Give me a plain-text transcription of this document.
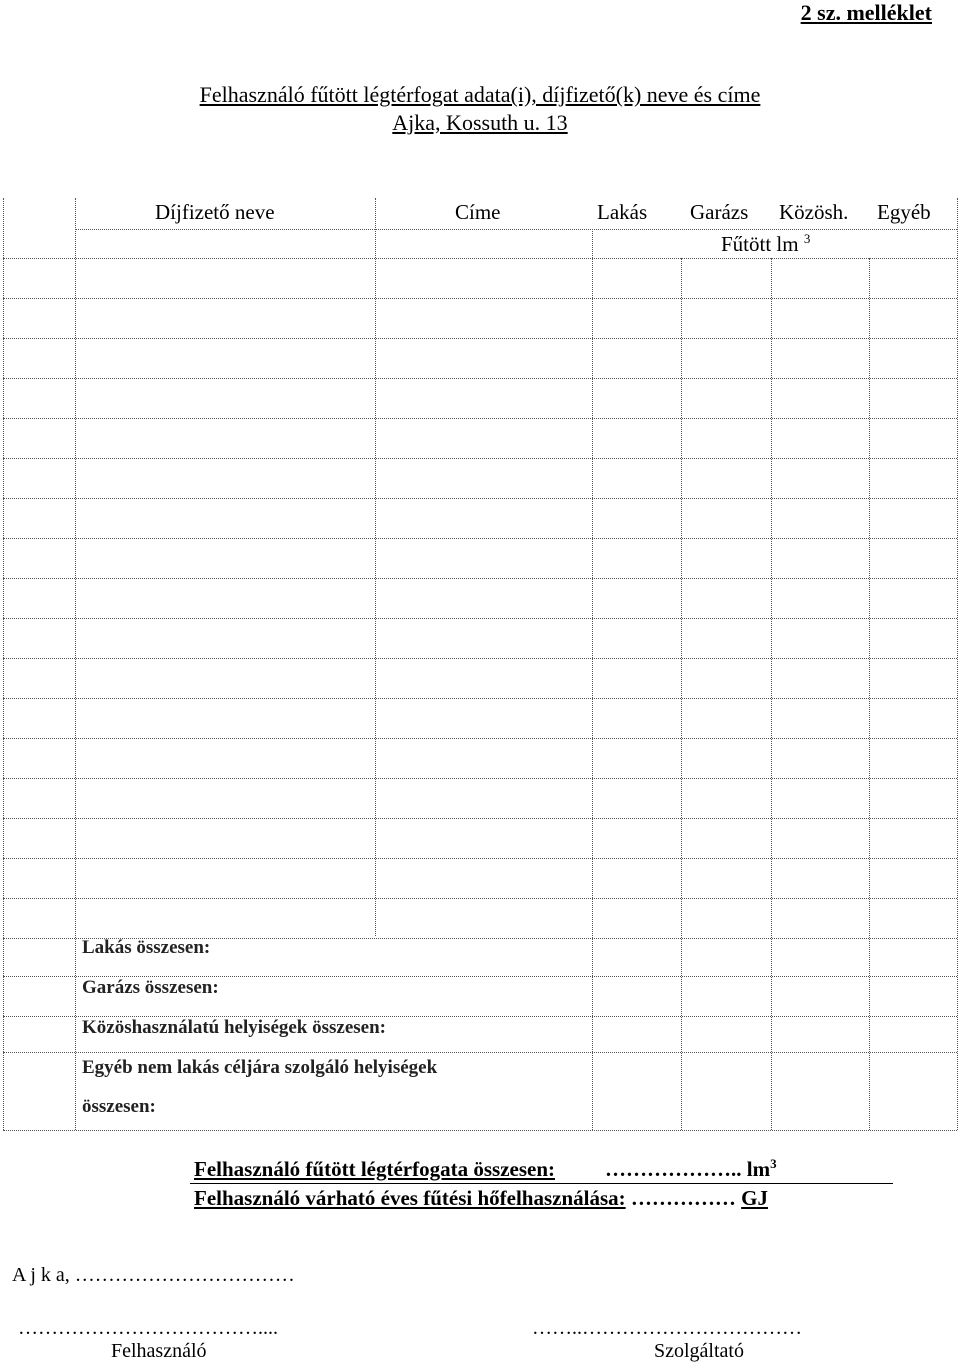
2 sz. melléklet
Felhasználó fűtött légtérfogat adata(i), díjfizető(k) neve és címe
Ajka, Kossuth u. 13
Díjfizető neve	Címe	Lakás Garázs Közösh. Egyéb
Fűtött lm $^3$
Lakás összesen:
Garázs összesen:
Közöshasználatú helyiségek összesen:
Egyéb nem lakás céljára szolgáló helyiségek
összesen:
Felhasználó fűtött légtérfogata összesen: ……………….. $lm^3$
Felhasználó várható éves fűtési hőfelhasználása: …………… GJ
A j k a, ……………………………
………………………………....	……..……………………………
Felhasználó	Szolgáltató
